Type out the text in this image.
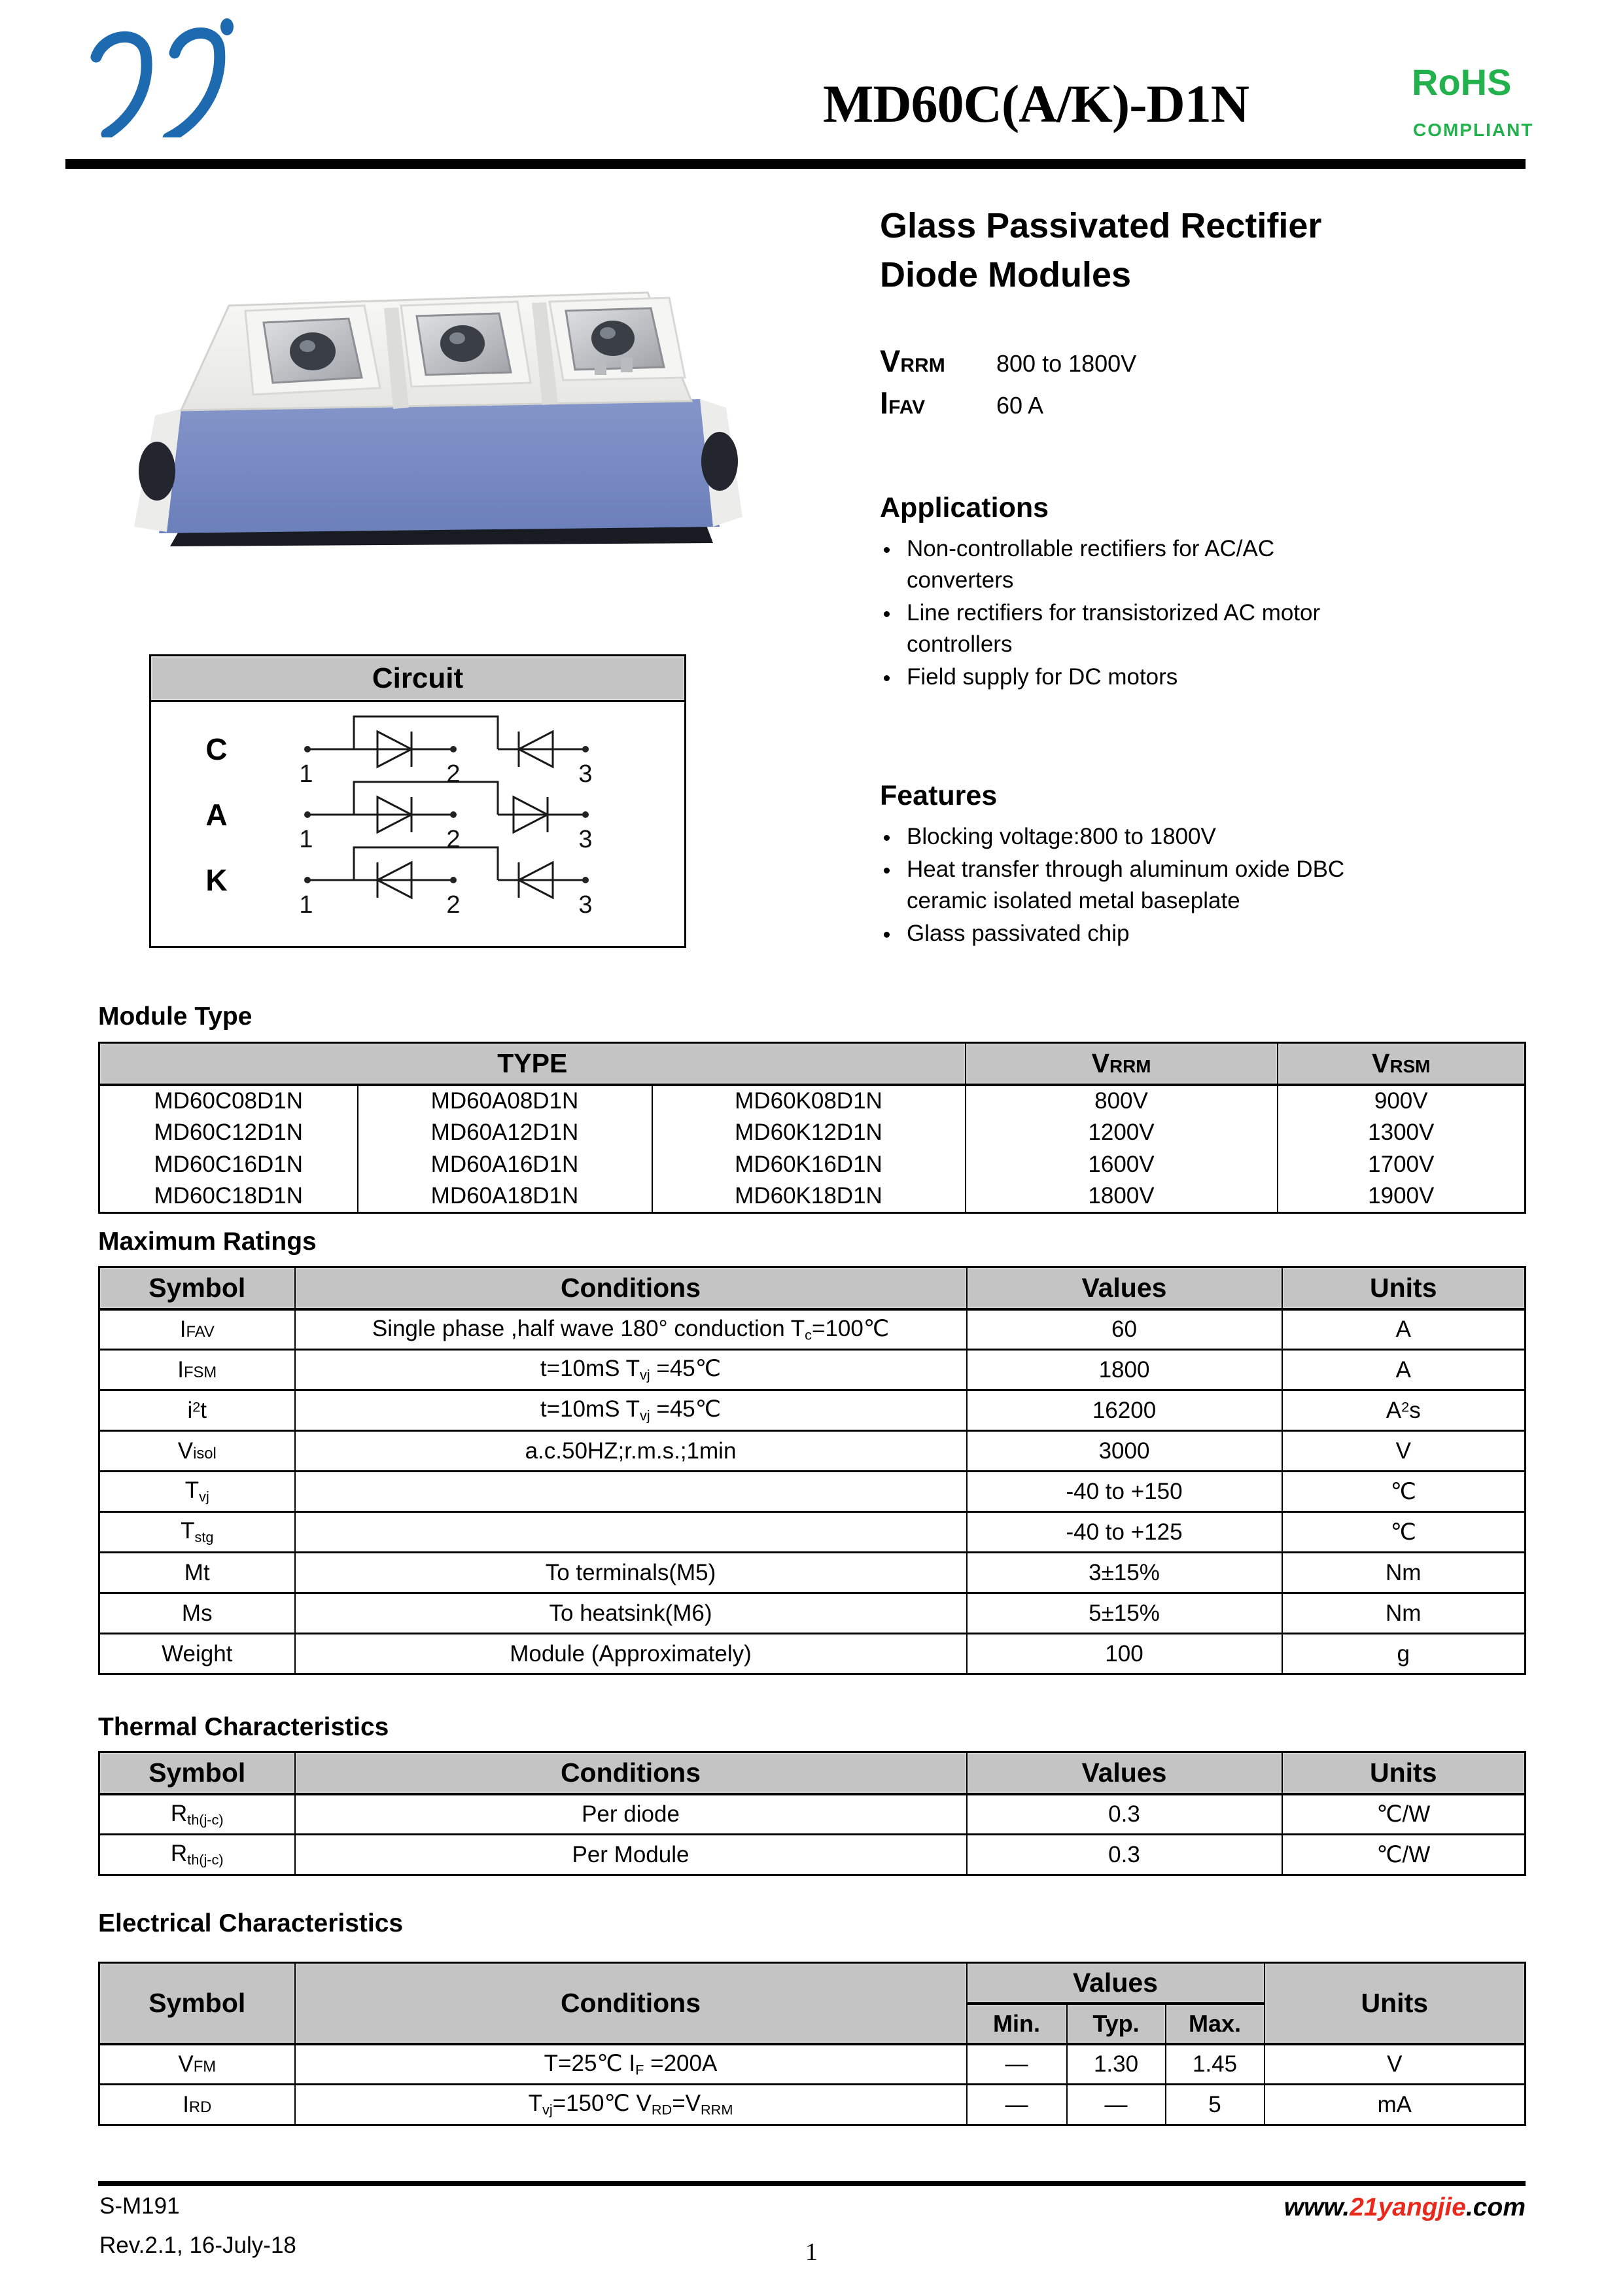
MD60C(A/K)-D1N	RoHS
COMPLIANT
Circuit
C
A
K
1	2	3
1	2	3
1	2	3
Glass Passivated Rectifier
Diode Modules
VRRM	800 to 1800V
IFAV	60 A
Applications
Non-controllable rectifiers for AC/AC converters
Line rectifiers for transistorized AC motor controllers
Field supply for DC motors
Features
Blocking voltage:800 to 1800V
Heat transfer through aluminum oxide DBC ceramic isolated metal baseplate
Glass passivated chip
Module Type
TYPE			VRRM	VRSM
MD60C08D1N	MD60A08D1N	MD60K08D1N	800V	900V
MD60C12D1N	MD60A12D1N	MD60K12D1N	1200V	1300V
MD60C16D1N	MD60A16D1N	MD60K16D1N	1600V	1700V
MD60C18D1N	MD60A18D1N	MD60K18D1N	1800V	1900V
Maximum Ratings
Symbol	Conditions	Values	Units
IFAV	Single phase ,half wave 180° conduction $T_c=100℃$	60	A
IFSM	t=10mS $T_{vj}$ =45℃	1800	A
$i^2t$	t=10mS $T_{vj}$ =45℃	16200	$A^2s$
Visol	a.c.50HZ;r.m.s.;1min	3000	V
$T_{vj}$		-40 to +150	℃
$T_{stg}$		-40 to +125	℃
Mt	To terminals(M5)	3±15%	Nm
Ms	To heatsink(M6)	5±15%	Nm
Weight	Module (Approximately)	100	g
Thermal Characteristics
Symbol	Conditions	Values	Units
$R_{th(j-c)}$	Per diode	0.3	℃/W
$R_{th(j-c)}$	Per Module	0.3	℃/W
Electrical Characteristics
Symbol	Conditions	Values			Units
		Min.	Typ.	Max.	
VFM	T=25℃ $I_F =200A$	—	1.30	1.45	V
IRD	$T_{vj}=150℃$ $V_{RD}=V_{RRM}$	—	—	5	mA
S-M191
Rev.2.1, 16-July-18	1
www.21yangjie.com
